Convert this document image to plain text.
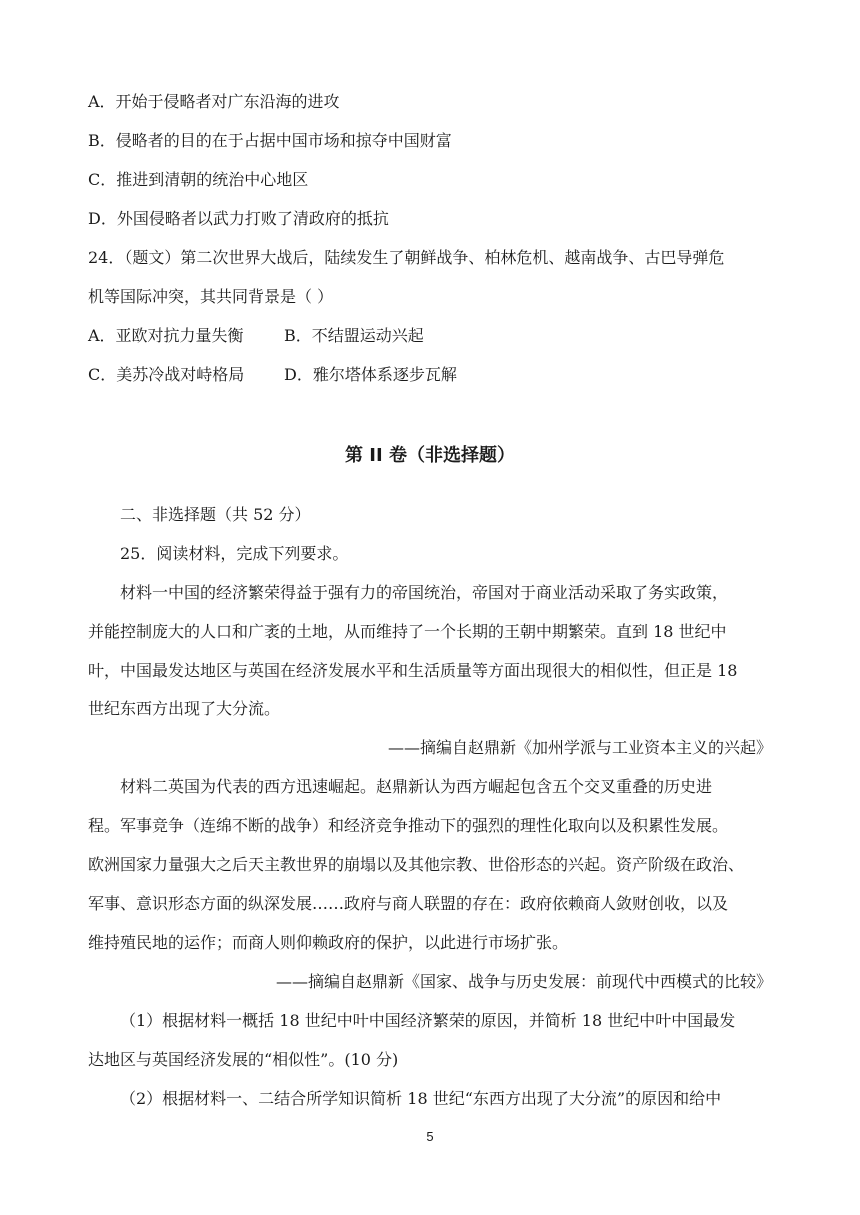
A．开始于侵略者对广东沿海的进攻
B．侵略者的目的在于占据中国市场和掠夺中国财富
C．推进到清朝的统治中心地区
D．外国侵略者以武力打败了清政府的抵抗
24．（题文）第二次世界大战后，陆续发生了朝鲜战争、柏林危机、越南战争、古巴导弹危
机等国际冲突，其共同背景是（ ）
A．亚欧对抗力量失衡	B．不结盟运动兴起
C．美苏冷战对峙格局 D．雅尔塔体系逐步瓦解
第 II 卷（非选择题）
二、非选择题（共 52 分）
25．阅读材料，完成下列要求。
材料一中国的经济繁荣得益于强有力的帝国统治，帝国对于商业活动采取了务实政策，
并能控制庞大的人口和广袤的土地，从而维持了一个长期的王朝中期繁荣。直到 18 世纪中
叶，中国最发达地区与英国在经济发展水平和生活质量等方面出现很大的相似性，但正是 18
世纪东西方出现了大分流。
——摘编自赵鼎新《加州学派与工业资本主义的兴起》
材料二英国为代表的西方迅速崛起。赵鼎新认为西方崛起包含五个交叉重叠的历史进
程。军事竞争（连绵不断的战争）和经济竞争推动下的强烈的理性化取向以及积累性发展。
欧洲国家力量强大之后天主教世界的崩塌以及其他宗教、世俗形态的兴起。资产阶级在政治、
军事、意识形态方面的纵深发展……政府与商人联盟的存在：政府依赖商人敛财创收，以及
维持殖民地的运作；而商人则仰赖政府的保护，以此进行市场扩张。
——摘编自赵鼎新《国家、战争与历史发展：前现代中西模式的比较》
（1）根据材料一概括 18 世纪中叶中国经济繁荣的原因，并简析 18 世纪中叶中国最发
达地区与英国经济发展的“相似性”。(10 分)
（2）根据材料一、二结合所学知识简析 18 世纪“东西方出现了大分流”的原因和给中
5
